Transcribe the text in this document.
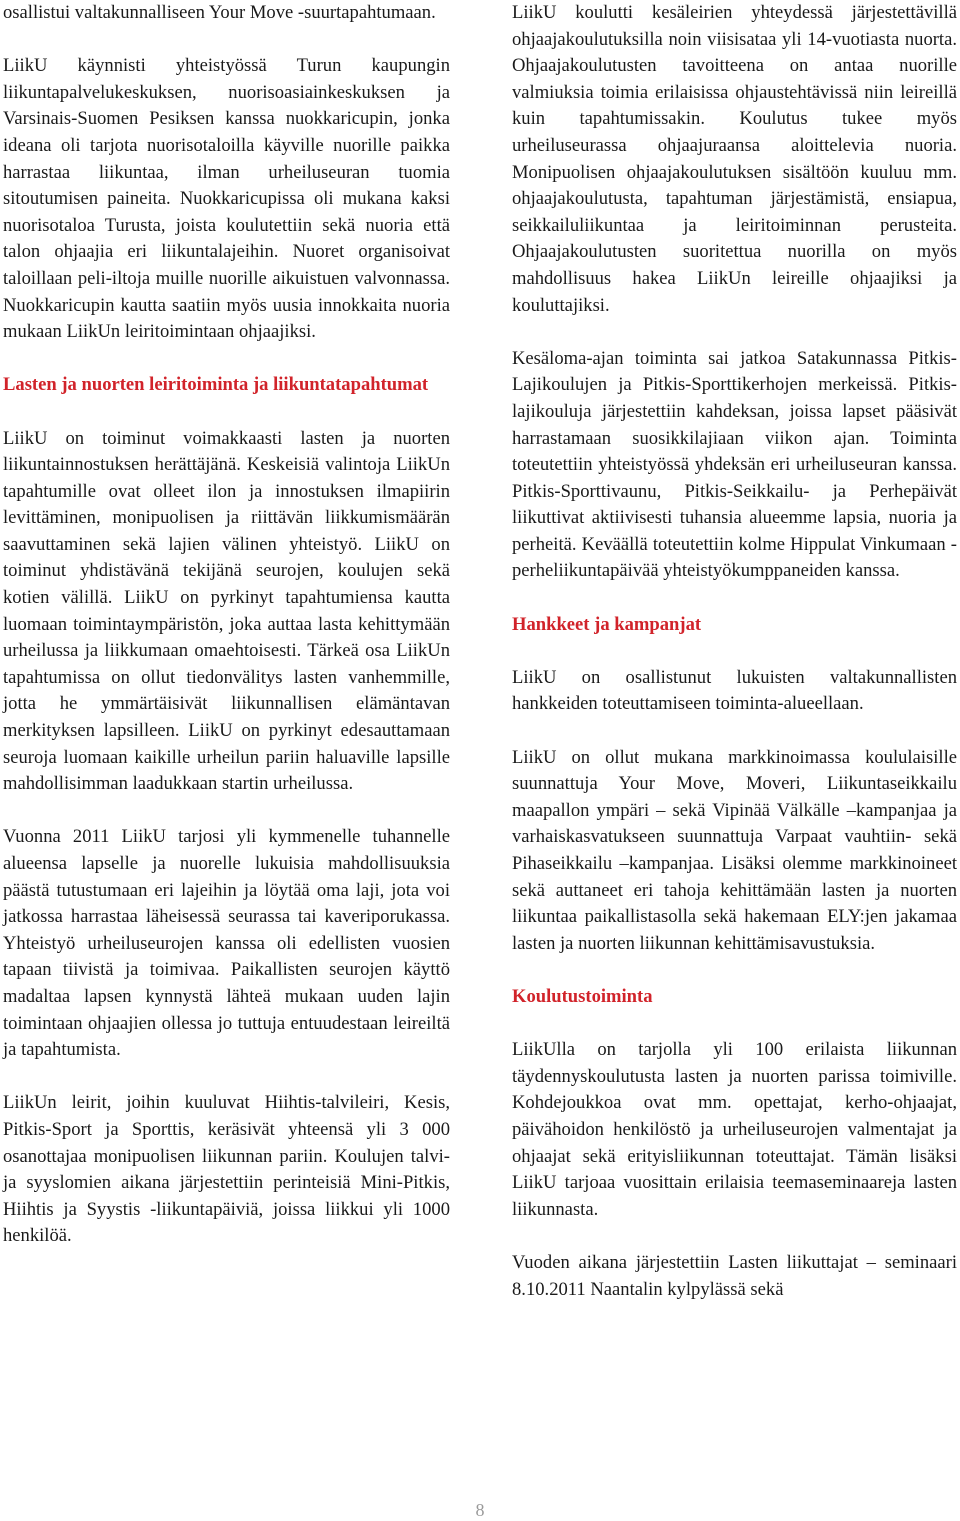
osallistui valtakunnalliseen Your Move -suurtapahtumaan.

LiikU käynnisti yhteistyössä Turun kaupungin liikuntapalvelukeskuksen, nuorisoasiainkeskuksen ja Varsinais-Suomen Pesiksen kanssa nuokkaricupin, jonka ideana oli tarjota nuorisotaloilla käyville nuorille paikka harrastaa liikuntaa, ilman urheiluseuran tuomia sitoutumisen paineita. Nuokkaricupissa oli mukana kaksi nuorisotaloa Turusta, joista koulutettiin sekä nuoria että talon ohjaajia eri liikuntalajeihin. Nuoret organisoivat taloillaan peli-iltoja muille nuorille aikuistuen valvonnassa. Nuokkaricupin kautta saatiin myös uusia innokkaita nuoria mukaan LiikUn leiritoimintaan ohjaajiksi.

Lasten ja nuorten leiritoiminta ja liikuntatapahtumat

LiikU on toiminut voimakkaasti lasten ja nuorten liikuntainnostuksen herättäjänä. Keskeisiä valintoja LiikUn tapahtumille ovat olleet ilon ja innostuksen ilmapiirin levittäminen, monipuolisen ja riittävän liikkumismäärän saavuttaminen sekä lajien välinen yhteistyö. LiikU on toiminut yhdistävänä tekijänä seurojen, koulujen sekä kotien välillä. LiikU on pyrkinyt tapahtumiensa kautta luomaan toimintaympäristön, joka auttaa lasta kehittymään urheilussa ja liikkumaan omaehtoisesti. Tärkeä osa LiikUn tapahtumissa on ollut tiedonvälitys lasten vanhemmille, jotta he ymmärtäisivät liikunnallisen elämäntavan merkityksen lapsilleen. LiikU on pyrkinyt edesauttamaan seuroja luomaan kaikille urheilun pariin haluaville lapsille mahdollisimman laadukkaan startin urheilussa.

Vuonna 2011 LiikU tarjosi yli kymmenelle tuhannelle alueensa lapselle ja nuorelle lukuisia mahdollisuuksia päästä tutustumaan eri lajeihin ja löytää oma laji, jota voi jatkossa harrastaa läheisessä seurassa tai kaveriporukassa. Yhteistyö urheiluseurojen kanssa oli edellisten vuosien tapaan tiivistä ja toimivaa. Paikallisten seurojen käyttö madaltaa lapsen kynnystä lähteä mukaan uuden lajin toimintaan ohjaajien ollessa jo tuttuja entuudestaan leireiltä ja tapahtumista.

LiikUn leirit, joihin kuuluvat Hiihtis-talvileiri, Kesis, Pitkis-Sport ja Sporttis, keräsivät yhteensä yli 3 000 osanottajaa monipuolisen liikunnan pariin. Koulujen talvi- ja syyslomien aikana järjestettiin perinteisiä Mini-Pitkis, Hiihtis ja Syystis -liikuntapäiviä, joissa liikkui yli 1000 henkilöä.

LiikU koulutti kesäleirien yhteydessä järjestettävillä ohjaajakoulutuksilla noin viisisataa yli 14-vuotiasta nuorta. Ohjaajakoulutusten tavoitteena on antaa nuorille valmiuksia toimia erilaisissa ohjaustehtävissä niin leireillä kuin tapahtumissakin. Koulutus tukee myös urheiluseurassa ohjaajuraansa aloittelevia nuoria. Monipuolisen ohjaajakoulutuksen sisältöön kuuluu mm. ohjaajakoulutusta, tapahtuman järjestämistä, ensiapua, seikkailuliikuntaa ja leiritoiminnan perusteita. Ohjaajakoulutusten suoritettua nuorilla on myös mahdollisuus hakea LiikUn leireille ohjaajiksi ja kouluttajiksi.

Kesäloma-ajan toiminta sai jatkoa Satakunnassa Pitkis-Lajikoulujen ja Pitkis-Sporttikerhojen merkeissä. Pitkis-lajikouluja järjestettiin kahdeksan, joissa lapset pääsivät harrastamaan suosikkilajiaan viikon ajan. Toiminta toteutettiin yhteistyössä yhdeksän eri urheiluseuran kanssa. Pitkis-Sporttivaunu, Pitkis-Seikkailu- ja Perhepäivät liikuttivat aktiivisesti tuhansia alueemme lapsia, nuoria ja perheitä. Keväällä toteutettiin kolme Hippulat Vinkumaan -perheliikuntapäivää yhteistyökumppaneiden kanssa.

Hankkeet ja kampanjat

LiikU on osallistunut lukuisten valtakunnallisten hankkeiden toteuttamiseen toiminta-alueellaan.

LiikU on ollut mukana markkinoimassa koululaisille suunnattuja Your Move, Moveri, Liikuntaseikkailu maapallon ympäri – sekä Vipinää Välkälle –kampanjaa ja varhaiskasvatukseen suunnattuja Varpaat vauhtiin- sekä Pihaseikkailu –kampanjaa. Lisäksi olemme markkinoineet sekä auttaneet eri tahoja kehittämään lasten ja nuorten liikuntaa paikallistasolla sekä hakemaan ELY:jen jakamaa lasten ja nuorten liikunnan kehittämisavustuksia.

Koulutustoiminta

LiikUlla on tarjolla yli 100 erilaista liikunnan täydennyskoulutusta lasten ja nuorten parissa toimiville. Kohdejoukkoa ovat mm. opettajat, kerho-ohjaajat, päivähoidon henkilöstö ja urheiluseurojen valmentajat ja ohjaajat sekä erityisliikunnan toteuttajat. Tämän lisäksi LiikU tarjoaa vuosittain erilaisia teemaseminaareja lasten liikunnasta.

Vuoden aikana järjestettiin Lasten liikuttajat – seminaari 8.10.2011 Naantalin kylpylässä sekä

8
